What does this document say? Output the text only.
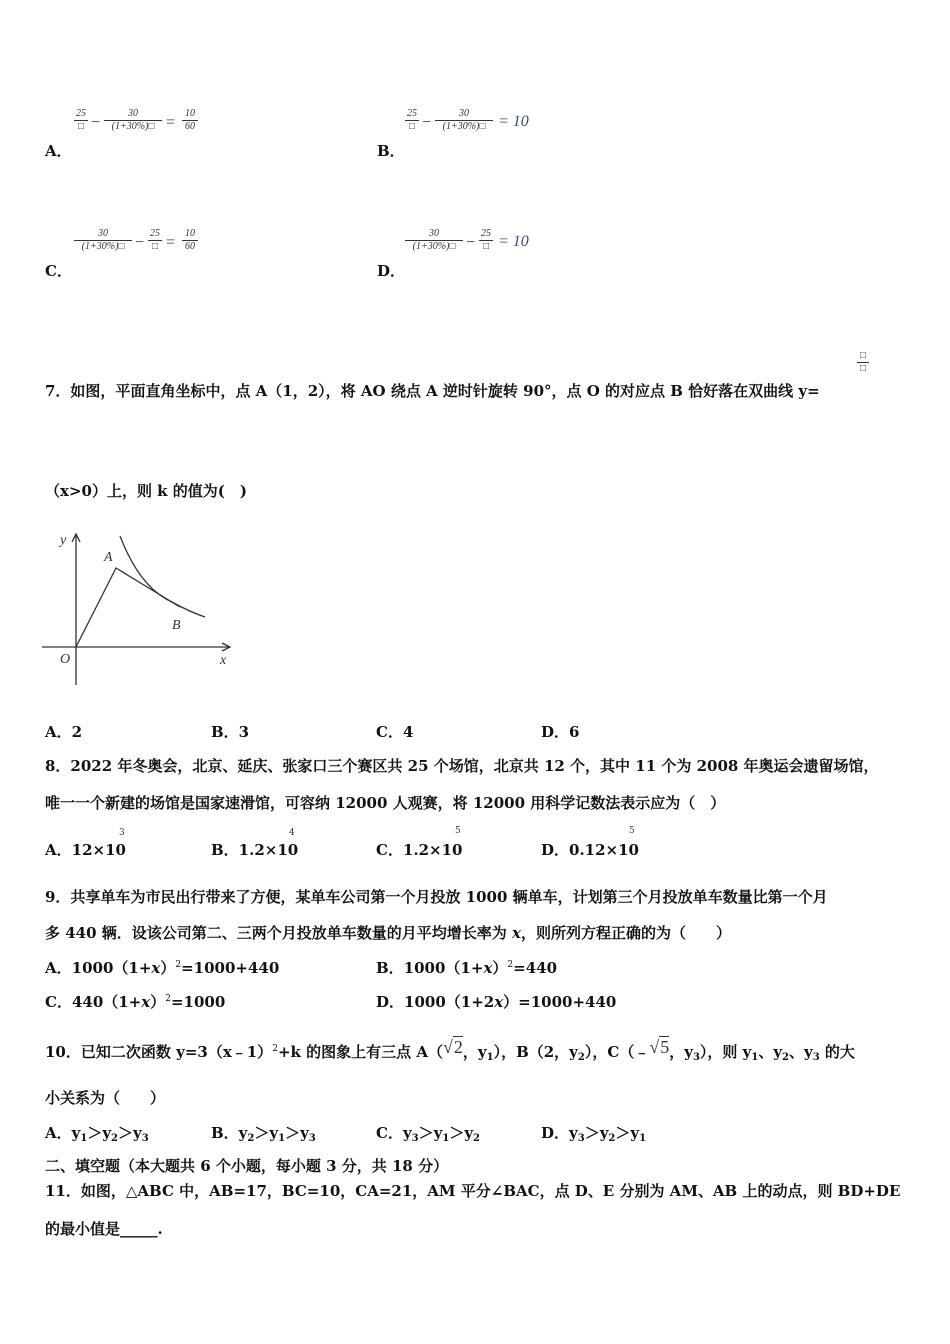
A．
25
□ −
30
(1+30%)□ =
10
60
B．
25
□ −
30
(1+30%)□ = 10
C．
30
(1+30%)□ −
25
□ =
10
60
D．
30
(1+30%)□ −
25
□ = 10
7．如图，平面直角坐标中，点 A（1，2），将 AO 绕点 A 逆时针旋转 90°，点 O 的对应点 B 恰好落在双曲线 y=
□
□
（x>0）上，则 k 的值为(　)
y
x
O
A
B
A．2	B．3	C．4	D．6
8．2022 年冬奥会，北京、延庆、张家口三个赛区共 25 个场馆，北京共 12 个，其中 11 个为 2008 年奥运会遗留场馆，
唯一一个新建的场馆是国家速滑馆，可容纳 12000 人观赛，将 12000 用科学记数法表示应为（　）
A．12×10
3
B．1.2×10
4
C．1.2×10
5
D．0.12×10
5
9．共享单车为市民出行带来了方便，某单车公司第一个月投放 1000 辆单车，计划第三个月投放单车数量比第一个月
多 440 辆．设该公司第二、三两个月投放单车数量的月平均增长率为 x，则所列方程正确的为（　　）
A．$1000(1+x)^2=1000+440$	B．$1000(1+x)^2=440$
C．$440(1+x)^2=1000$	D．1000（1+2x）=1000+440
10．已知二次函数 y=3（x﹣1）$^2$+k 的图象上有三点 A（√2，$y_1$），B（2，$y_2$），C（﹣√5，$y_3$），则 $y_1$、$y_2$、$y_3$ 的大
小关系为（　　）
A．$y_1>y_2>y_3$	B．$y_2>y_1>y_3$	C．$y_3>y_1>y_2$	D．$y_3>y_2>y_1$
二、填空题（本大题共 6 个小题，每小题 3 分，共 18 分）
11．如图，△ABC 中，AB=17，BC=10，CA=21，AM 平分∠BAC，点 D、E 分别为 AM、AB 上的动点，则 BD+DE
的最小值是_____.
